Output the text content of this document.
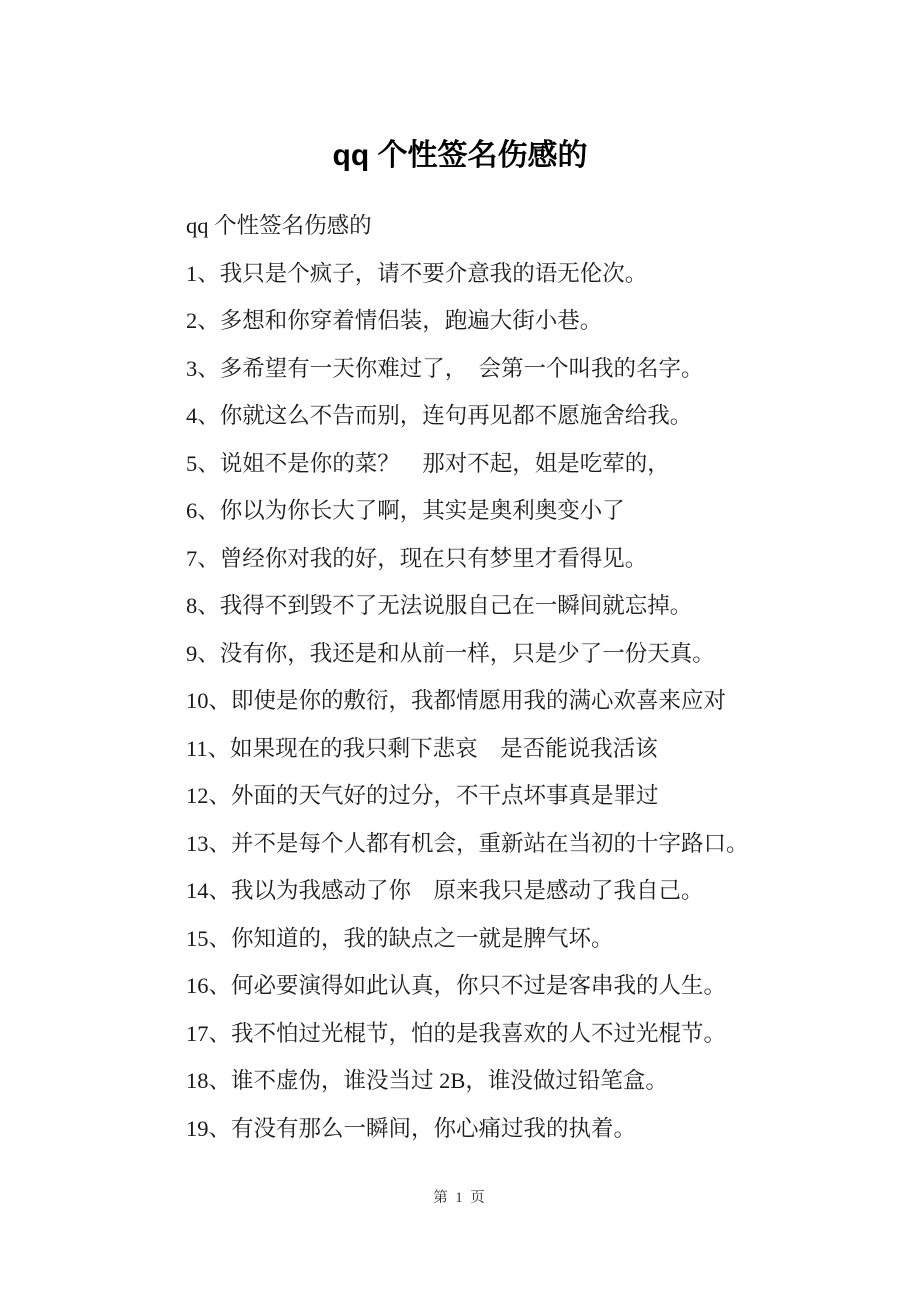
qq 个性签名伤感的

qq 个性签名伤感的

1、我只是个疯子，请不要介意我的语无伦次。

2、多想和你穿着情侣装，跑遍大街小巷。

3、多希望有一天你难过了，　会第一个叫我的名字。

4、你就这么不告而别，连句再见都不愿施舍给我。

5、说姐不是你的菜？　那对不起，姐是吃荤的，

6、你以为你长大了啊，其实是奥利奥变小了

7、曾经你对我的好，现在只有梦里才看得见。

8、我得不到毁不了无法说服自己在一瞬间就忘掉。

9、没有你，我还是和从前一样，只是少了一份天真。

10、即使是你的敷衍，我都情愿用我的满心欢喜来应对

11、如果现在的我只剩下悲哀　是否能说我活该

12、外面的天气好的过分，不干点坏事真是罪过

13、并不是每个人都有机会，重新站在当初的十字路口。

14、我以为我感动了你　原来我只是感动了我自己。

15、你知道的，我的缺点之一就是脾气坏。

16、何必要演得如此认真，你只不过是客串我的人生。

17、我不怕过光棍节，怕的是我喜欢的人不过光棍节。

18、谁不虚伪，谁没当过 2B，谁没做过铅笔盒。

19、有没有那么一瞬间，你心痛过我的执着。

第 1 页
